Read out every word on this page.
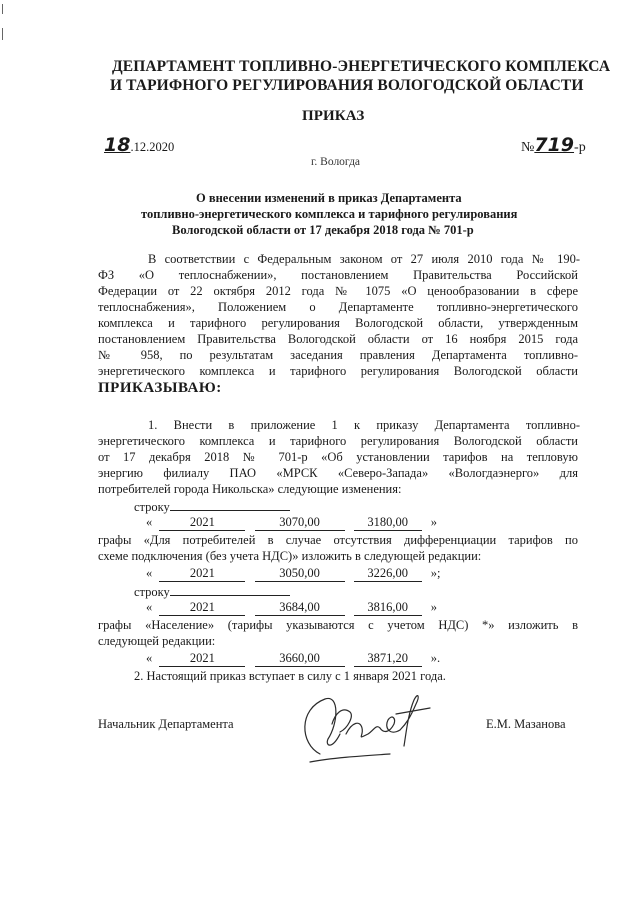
ДЕПАРТАМЕНТ ТОПЛИВНО-ЭНЕРГЕТИЧЕСКОГО КОМПЛЕКСА
И ТАРИФНОГО РЕГУЛИРОВАНИЯ ВОЛОГОДСКОЙ ОБЛАСТИ
ПРИКАЗ
18.12.2020	№719-р
г. Вологда
О внесении изменений в приказ Департамента
топливно-энергетического комплекса и тарифного регулирования
Вологодской области от 17 декабря 2018 года № 701-р
В соответствии с Федеральным законом от 27 июля 2010 года № 190-
ФЗ «О теплоснабжении», постановлением Правительства Российской
Федерации от 22 октября 2012 года № 1075 «О ценообразовании в сфере
теплоснабжения», Положением о Департаменте топливно-энергетического
комплекса и тарифного регулирования Вологодской области, утвержденным
постановлением Правительства Вологодской области от 16 ноября 2015 года
№ 958, по результатам заседания правления Департамента топливно-
энергетического комплекса и тарифного регулирования Вологодской области
ПРИКАЗЫВАЮ:
1. Внести в приложение 1 к приказу Департамента топливно-
энергетического комплекса и тарифного регулирования Вологодской области
от 17 декабря 2018 № 701-р «Об установлении тарифов на тепловую
энергию филиалу ПАО «МРСК «Северо-Запада» «Вологдаэнерго» для
потребителей города Никольска» следующие изменения:
строку
«	2021	3070,00	3180,00 »
графы «Для потребителей в случае отсутствия дифференциации тарифов по
схеме подключения (без учета НДС)» изложить в следующей редакции:
«	2021	3050,00	3226,00 »;
строку
«	2021	3684,00	3816,00 »
графы «Население» (тарифы указываются с учетом НДС) *» изложить в
следующей редакции:
«	2021	3660,00	3871,20 ».
2. Настоящий приказ вступает в силу с 1 января 2021 года.
Начальник Департамента	Е.М. Мазанова
